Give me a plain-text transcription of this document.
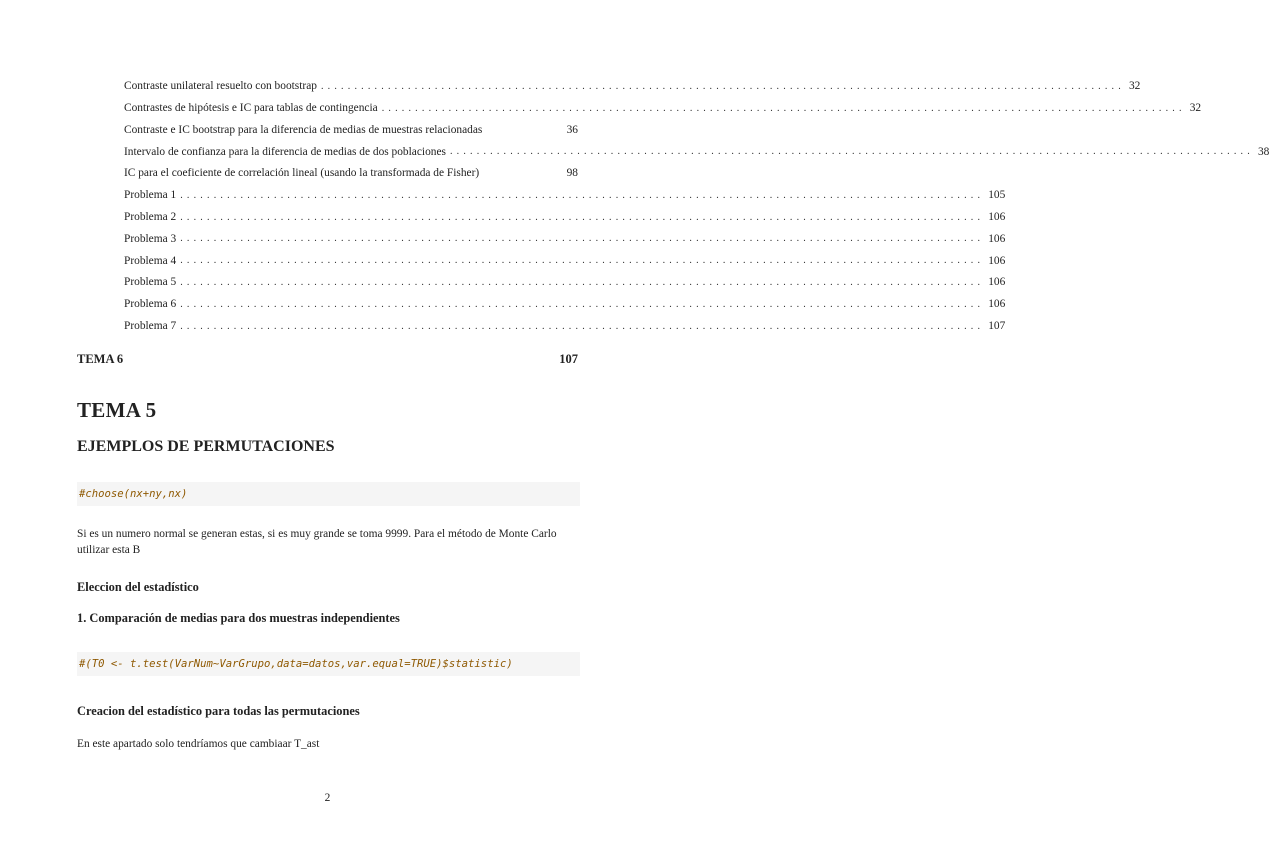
Contraste unilateral resuelto con bootstrap ........................................................................................................................ 32
Contrastes de hipótesis e IC para tablas de contingencia ........................................................................................................................ 32
Contraste e IC bootstrap para la diferencia de medias de muestras relacionadas	36
Intervalo de confianza para la diferencia de medias de dos poblaciones ........................................................................................................................ 38
IC para el coeficiente de correlación lineal (usando la transformada de Fisher)	98
Problema 1 ........................................................................................................................ 105
Problema 2 ........................................................................................................................ 106
Problema 3 ........................................................................................................................ 106
Problema 4 ........................................................................................................................ 106
Problema 5 ........................................................................................................................ 106
Problema 6 ........................................................................................................................ 106
Problema 7 ........................................................................................................................ 107
TEMA 6	107
TEMA 5
EJEMPLOS DE PERMUTACIONES
#choose(nx+ny,nx)
Si es un numero normal se generan estas, si es muy grande se toma 9999. Para el método de Monte Carlo utilizar esta B
Eleccion del estadístico
1. Comparación de medias para dos muestras independientes
#(T0 <- t.test(VarNum~VarGrupo,data=datos,var.equal=TRUE)$statistic)
Creacion del estadístico para todas las permutaciones
En este apartado solo tendríamos que cambiaar T_ast
2
